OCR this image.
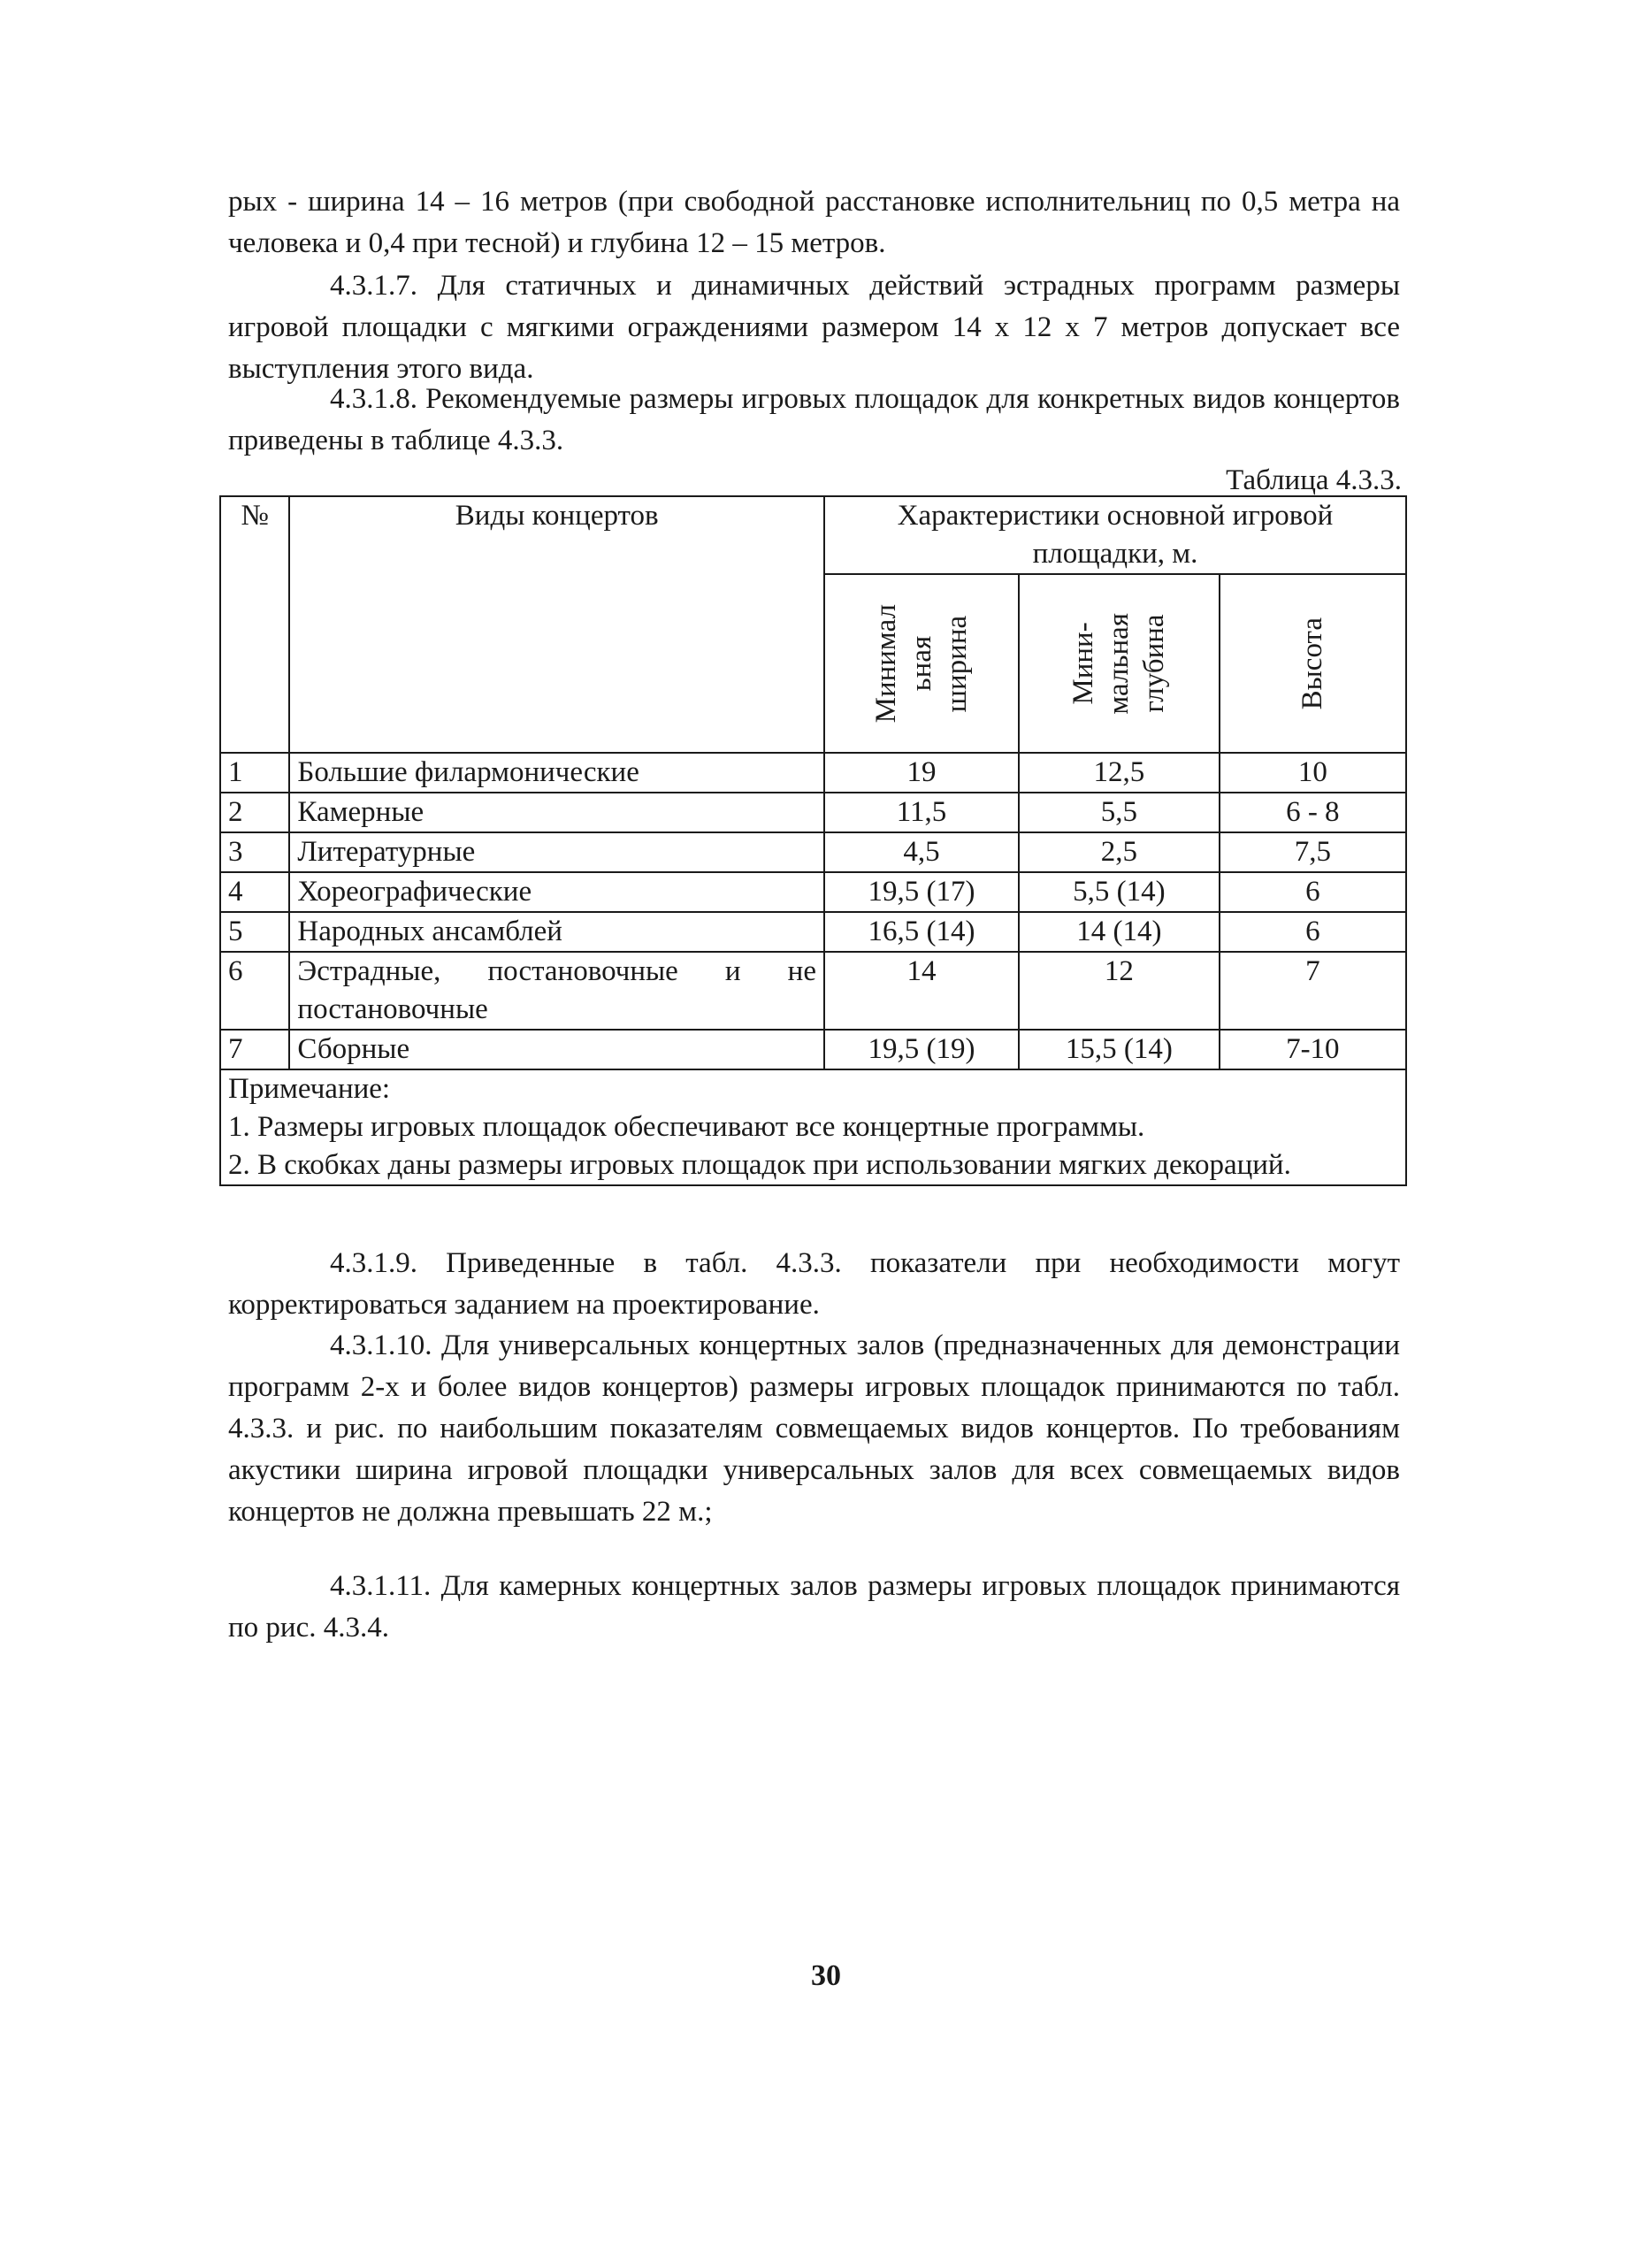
рых - ширина 14 – 16 метров (при свободной расстановке исполнительниц по 0,5 метра на человека и 0,4 при тесной) и глубина 12 – 15 метров.

4.3.1.7. Для статичных и динамичных действий эстрадных программ размеры игровой площадки с мягкими ограждениями размером 14 х 12 х 7 метров допускает все выступления этого вида.

4.3.1.8. Рекомендуемые размеры игровых площадок для конкретных видов концертов приведены в таблице 4.3.3.

Таблица 4.3.3.
№	Виды концертов	Характеристики основной игровой площадки, м.		

		Минимал
ьная
ширина	Мини-
мальная
глубина	Высота

1	Большие филармонические	19	12,5	10
2	Камерные	11,5	5,5	6 - 8
3	Литературные	4,5	2,5	7,5
4	Хореографические	19,5 (17)	5,5 (14)	6
5	Народных ансамблей	16,5 (14)	14 (14)	6
6	Эстрадные, постановочные и не постановочные	14	12	7
7	Сборные	19,5 (19)	15,5 (14)	7-10

Примечание:
1. Размеры игровых площадок обеспечивают все концертные программы.
2. В скобках даны размеры игровых площадок при использовании мягких декораций.				

4.3.1.9. Приведенные в табл. 4.3.3. показатели при необходимости могут корректироваться заданием на проектирование.

4.3.1.10. Для универсальных концертных залов (предназначенных для демонстрации программ 2-х и более видов концертов) размеры игровых площадок принимаются по табл. 4.3.3. и рис. по наибольшим показателям совмещаемых видов концертов. По требованиям акустики ширина игровой площадки универсальных залов для всех совмещаемых видов концертов не должна превышать 22 м.;

4.3.1.11. Для камерных концертных залов размеры игровых площадок принимаются по рис. 4.3.4.

30
